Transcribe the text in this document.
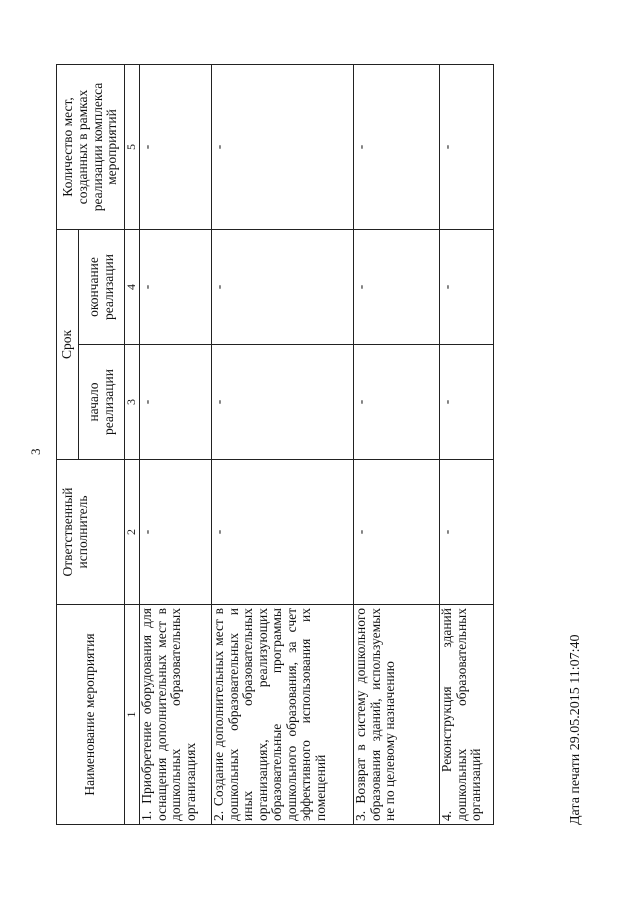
3
Наименование мероприятия	Ответственный исполнитель	Срок		Количество мест, созданных в рамках реализации комплекса мероприятий
		начало реализации	окончание реализации	
1	2	3	4	5
1. Приобретение оборудования для оснащения дополнительных мест в дошкольных образовательных организациях	-	-	-	-
2. Создание дополнительных мест в дошкольных образовательных и иных образовательных организациях, реализующих образовательные программы дошкольного образования, за счет эффективного использования их помещений	-	-	-	-
3. Возврат в систему дошкольного образования зданий, используемых не по целевому назначению	-	-	-	-
4. Реконструкция зданий дошкольных образовательных организаций	-	-	-	-
Дата печати 29.05.2015 11:07:40
